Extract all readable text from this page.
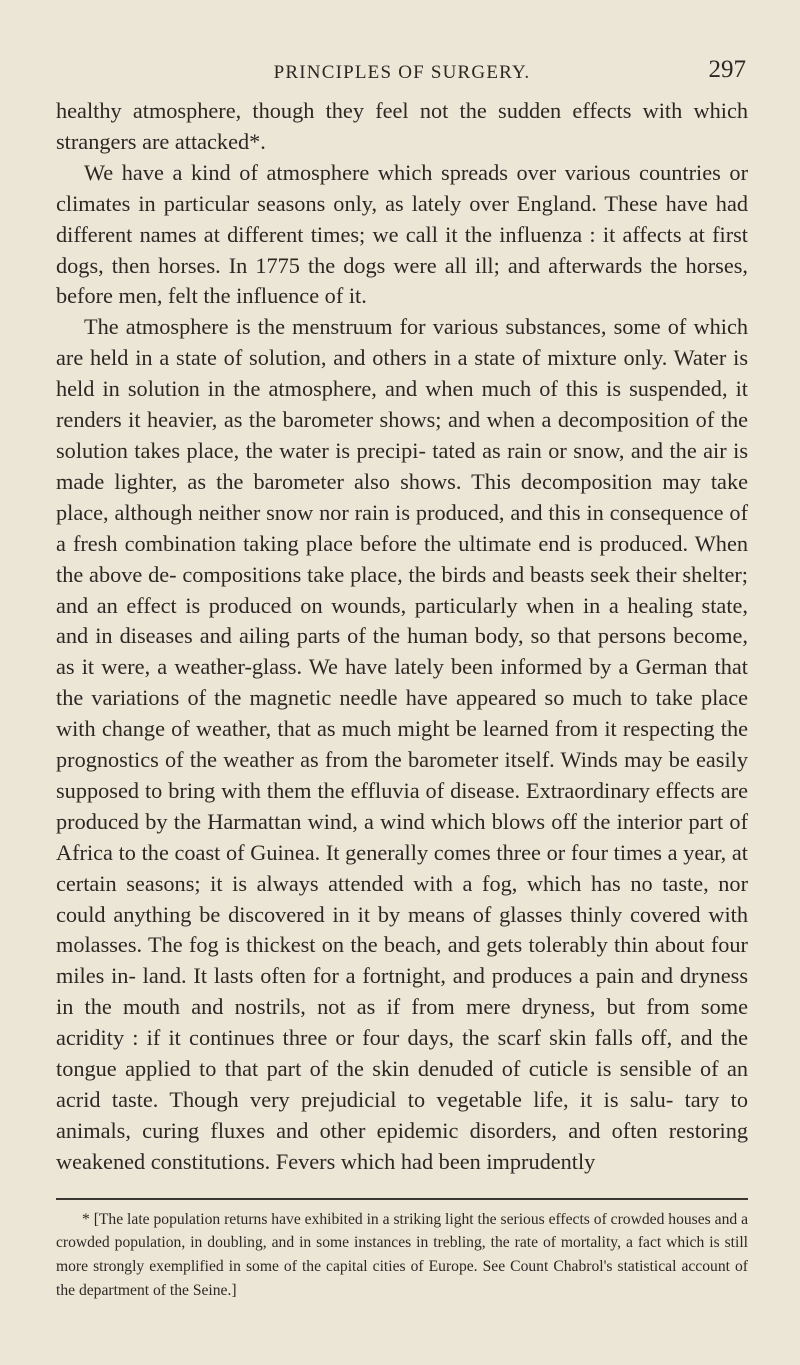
PRINCIPLES OF SURGERY.	297

healthy atmosphere, though they feel not the sudden effects with which strangers are attacked*.

We have a kind of atmosphere which spreads over various countries or climates in particular seasons only, as lately over England. These have had different names at different times; we call it the influenza : it affects at first dogs, then horses. In 1775 the dogs were all ill; and afterwards the horses, before men, felt the influence of it.

The atmosphere is the menstruum for various substances, some of which are held in a state of solution, and others in a state of mixture only. Water is held in solution in the atmosphere, and when much of this is suspended, it renders it heavier, as the barometer shows; and when a decomposition of the solution takes place, the water is precipi- tated as rain or snow, and the air is made lighter, as the barometer also shows. This decomposition may take place, although neither snow nor rain is produced, and this in consequence of a fresh combination taking place before the ultimate end is produced. When the above de- compositions take place, the birds and beasts seek their shelter; and an effect is produced on wounds, particularly when in a healing state, and in diseases and ailing parts of the human body, so that persons become, as it were, a weather-glass. We have lately been informed by a German that the variations of the magnetic needle have appeared so much to take place with change of weather, that as much might be learned from it respecting the prognostics of the weather as from the barometer itself. Winds may be easily supposed to bring with them the effluvia of disease. Extraordinary effects are produced by the Harmattan wind, a wind which blows off the interior part of Africa to the coast of Guinea. It generally comes three or four times a year, at certain seasons; it is always attended with a fog, which has no taste, nor could anything be discovered in it by means of glasses thinly covered with molasses. The fog is thickest on the beach, and gets tolerably thin about four miles in- land. It lasts often for a fortnight, and produces a pain and dryness in the mouth and nostrils, not as if from mere dryness, but from some acridity : if it continues three or four days, the scarf skin falls off, and the tongue applied to that part of the skin denuded of cuticle is sensible of an acrid taste. Though very prejudicial to vegetable life, it is salu- tary to animals, curing fluxes and other epidemic disorders, and often restoring weakened constitutions. Fevers which had been imprudently

* [The late population returns have exhibited in a striking light the serious effects of crowded houses and a crowded population, in doubling, and in some instances in trebling, the rate of mortality, a fact which is still more strongly exemplified in some of the capital cities of Europe. See Count Chabrol's statistical account of the department of the Seine.]
